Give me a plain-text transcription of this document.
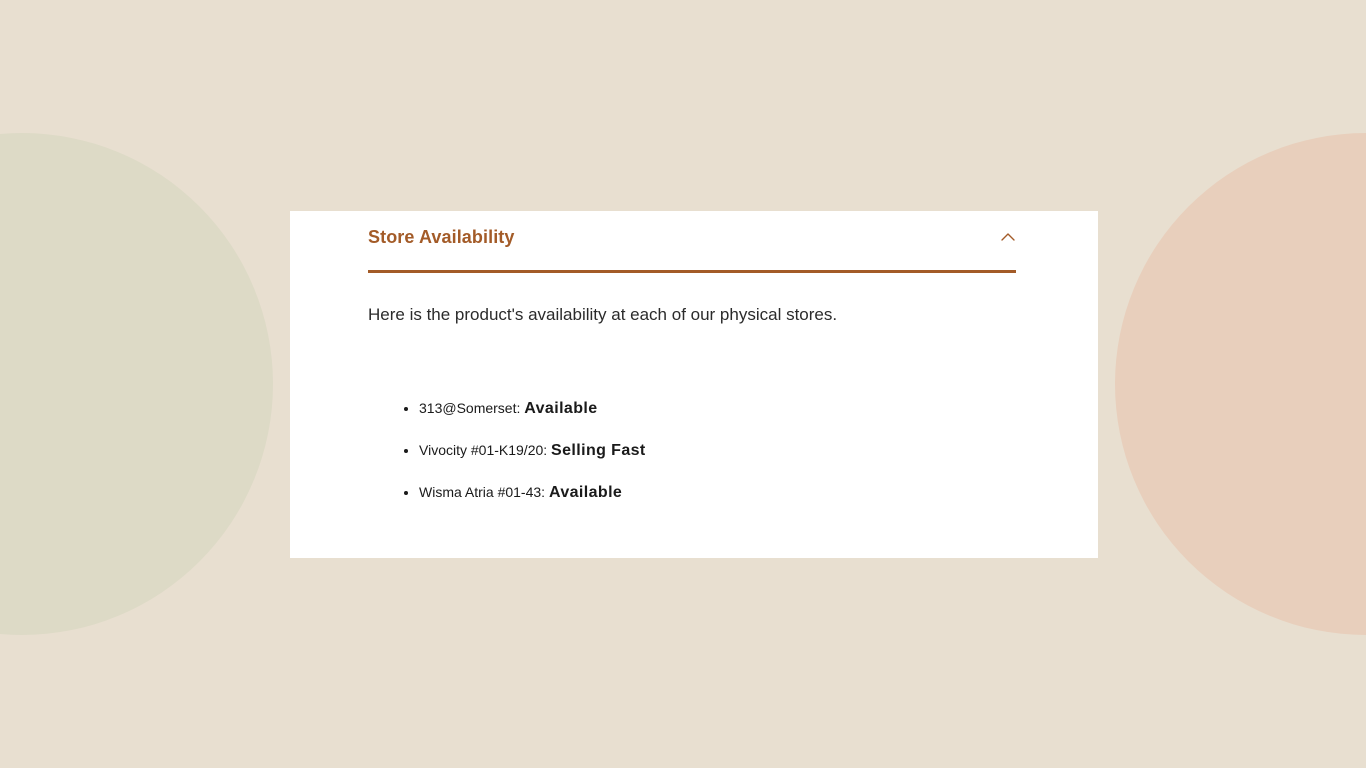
Store Availability

Here is the product's availability at each of our physical stores.

• 313@Somerset: Available
• Vivocity #01-K19/20: Selling Fast
• Wisma Atria #01-43: Available
